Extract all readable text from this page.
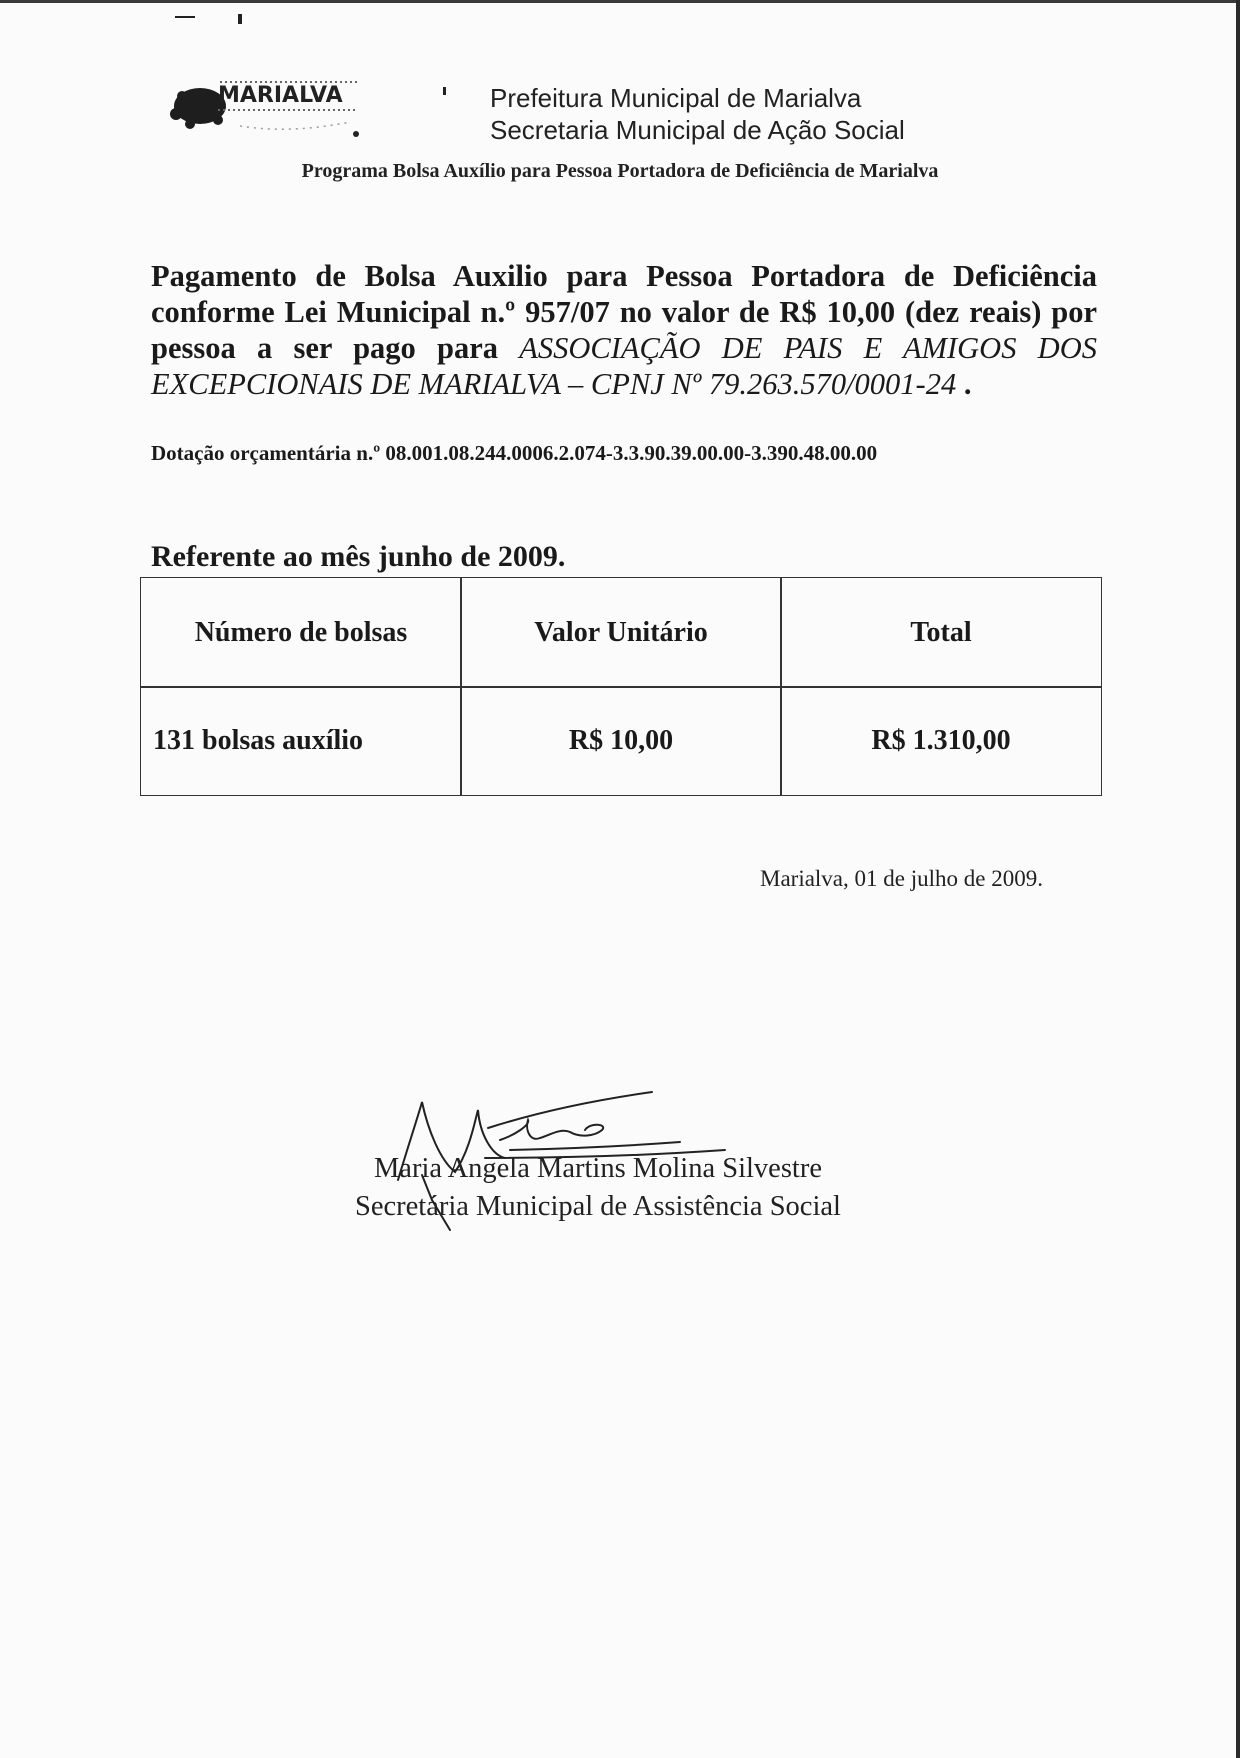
MARIALVA	Prefeitura Municipal de Marialva
Secretaria Municipal de Ação Social
Programa Bolsa Auxílio para Pessoa Portadora de Deficiência de Marialva
Pagamento de Bolsa Auxilio para Pessoa Portadora de Deficiência conforme Lei Municipal n.º 957/07 no valor de R$ 10,00 (dez reais) por pessoa a ser pago para ASSOCIAÇÃO DE PAIS E AMIGOS DOS EXCEPCIONAIS DE MARIALVA – CPNJ Nº 79.263.570/0001-24 .
Dotação orçamentária n.º 08.001.08.244.0006.2.074-3.3.90.39.00.00-3.390.48.00.00
Referente ao mês junho de 2009.
Número de bolsas	Valor Unitário	Total
131 bolsas auxílio	R$ 10,00	R$ 1.310,00
Marialva, 01 de julho de 2009.
Maria Angela Martins Molina Silvestre
Secretária Municipal de Assistência Social
